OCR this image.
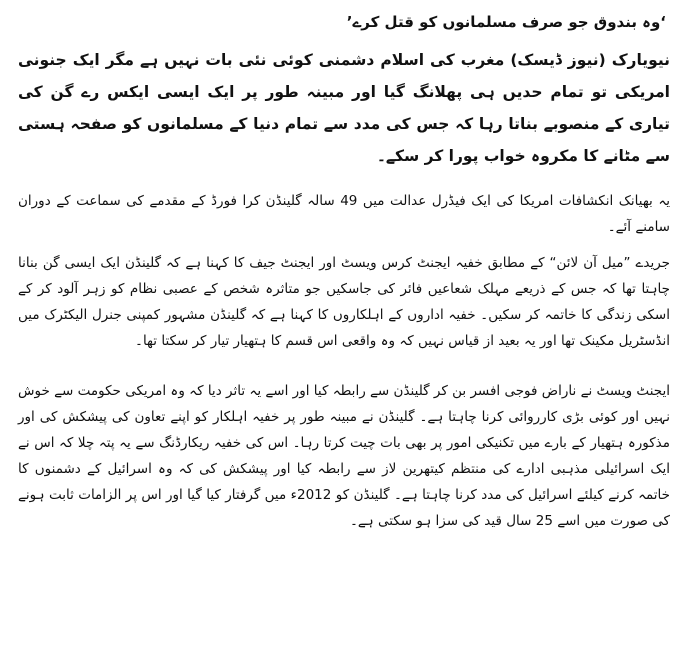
‘وہ بندوق جو صرف مسلمانوں کو قتل کرے’

نیویارک (نیوز ڈیسک) مغرب کی اسلام دشمنی کوئی نئی بات نہیں ہے مگر ایک جنونی امریکی تو تمام حدیں ہی پھلانگ گیا اور مبینہ طور پر ایک ایسی ایکس رے گن کی تیاری کے منصوبے بناتا رہا کہ جس کی مدد سے تمام دنیا کے مسلمانوں کو صفحہ ہستی سے مٹانے کا مکروہ خواب پورا کر سکے۔

یہ بھیانک انکشافات امریکا کی ایک فیڈرل عدالت میں 49 سالہ گلینڈن کرا فورڈ کے مقدمے کی سماعت کے دوران سامنے آئے۔

جریدے ”میل آن لائن“ کے مطابق خفیہ ایجنٹ کرس ویسٹ اور ایجنٹ جیف کا کہنا ہے کہ گلینڈن ایک ایسی گن بنانا چاہتا تھا کہ جس کے ذریعے مہلک شعاعیں فائر کی جاسکیں جو متاثرہ شخص کے عصبی نظام کو زہر آلود کر کے اسکی زندگی کا خاتمہ کر سکیں۔ خفیہ اداروں کے اہلکاروں کا کہنا ہے کہ گلینڈن مشہور کمپنی جنرل الیکٹرک میں انڈسٹریل مکینک تھا اور یہ بعید از قیاس نہیں کہ وہ واقعی اس قسم کا ہتھیار تیار کر سکتا تھا۔

ایجنٹ ویسٹ نے ناراض فوجی افسر بن کر گلینڈن سے رابطہ کیا اور اسے یہ تاثر دیا کہ وہ امریکی حکومت سے خوش نہیں اور کوئی بڑی کارروائی کرنا چاہتا ہے۔ گلینڈن نے مبینہ طور پر خفیہ اہلکار کو اپنے تعاون کی پیشکش کی اور مذکورہ ہتھیار کے بارے میں تکنیکی امور پر بھی بات چیت کرتا رہا۔ اس کی خفیہ ریکارڈنگ سے یہ پتہ چلا کہ اس نے ایک اسرائیلی مذہبی ادارے کی منتظم کیتھرین لاز سے رابطہ کیا اور پیشکش کی کہ وہ اسرائیل کے دشمنوں کا خاتمہ کرنے کیلئے اسرائیل کی مدد کرنا چاہتا ہے۔ گلینڈن کو 2012ء میں گرفتار کیا گیا اور اس پر الزامات ثابت ہونے کی صورت میں اسے 25 سال قید کی سزا ہو سکتی ہے۔
